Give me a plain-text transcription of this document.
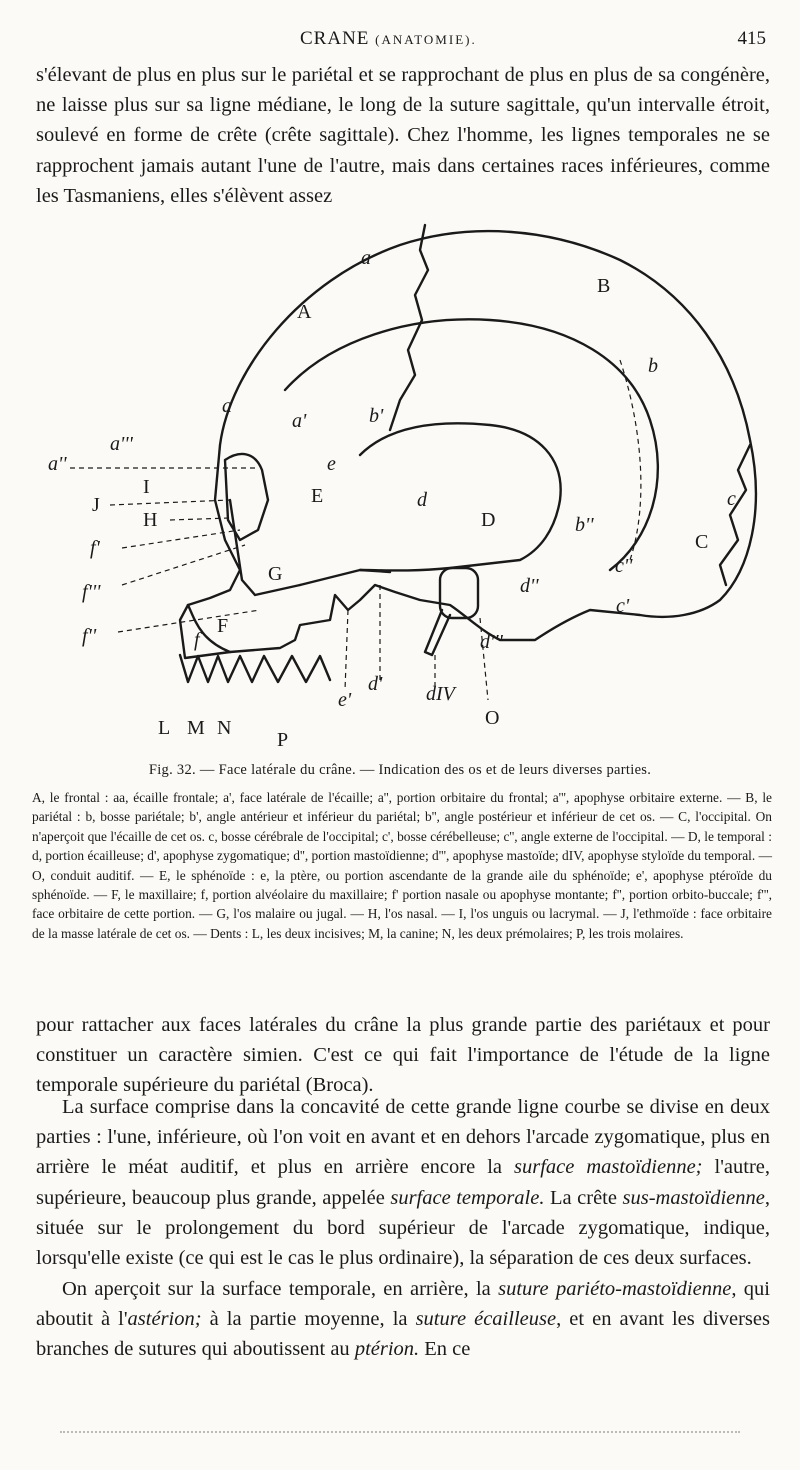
CRANE (ANATOMIE).	415

s'élevant de plus en plus sur le pariétal et se rapprochant de plus en plus de sa congénère, ne laisse plus sur sa ligne médiane, le long de la suture sagittale, qu'un intervalle étroit, soulevé en forme de crête (crête sagittale). Chez l'homme, les lignes temporales ne se rapprochent jamais autant l'une de l'autre, mais dans certaines races inférieures, comme les Tasmaniens, elles s'élèvent assez

A
B
C
D
E
F
G
J
H
I
L M N
P
O
a
a
a'
a''
a'''
b
b'
b''
c
c'
c''
d
d'
d''
d'''
dIV
e
e'
f
f'
f''
f'''
Fig. 32. — Face latérale du crâne. — Indication des os et de leurs diverses parties.

A, le frontal : aa, écaille frontale; a', face latérale de l'écaille; a'', portion orbitaire du frontal; a''', apophyse orbitaire externe. — B, le pariétal : b, bosse pariétale; b', angle antérieur et inférieur du pariétal; b'', angle postérieur et inférieur de cet os. — C, l'occipital. On n'aperçoit que l'écaille de cet os. c, bosse cérébrale de l'occipital; c', bosse cérébelleuse; c'', angle externe de l'occipital. — D, le temporal : d, portion écailleuse; d', apophyse zygomatique; d'', portion mastoïdienne; d''', apophyse mastoïde; dIV, apophyse styloïde du temporal. — O, conduit auditif. — E, le sphénoïde : e, la ptère, ou portion ascendante de la grande aile du sphénoïde; e', apophyse ptéroïde du sphénoïde. — F, le maxillaire; f, portion alvéolaire du maxillaire; f' portion nasale ou apophyse montante; f'', portion orbito-buccale; f''', face orbitaire de cette portion. — G, l'os malaire ou jugal. — H, l'os nasal. — I, l'os unguis ou lacrymal. — J, l'ethmoïde : face orbitaire de la masse latérale de cet os. — Dents : L, les deux incisives; M, la canine; N, les deux prémolaires; P, les trois molaires.

pour rattacher aux faces latérales du crâne la plus grande partie des pariétaux et pour constituer un caractère simien. C'est ce qui fait l'importance de l'étude de la ligne temporale supérieure du pariétal (Broca).

La surface comprise dans la concavité de cette grande ligne courbe se divise en deux parties : l'une, inférieure, où l'on voit en avant et en dehors l'arcade zygomatique, plus en arrière le méat auditif, et plus en arrière encore la surface mastoïdienne; l'autre, supérieure, beaucoup plus grande, appelée surface temporale. La crête sus-mastoïdienne, située sur le prolongement du bord supérieur de l'arcade zygomatique, indique, lorsqu'elle existe (ce qui est le cas le plus ordinaire), la séparation de ces deux surfaces.

On aperçoit sur la surface temporale, en arrière, la suture pariéto-mastoïdienne, qui aboutit à l'astérion; à la partie moyenne, la suture écailleuse, et en avant les diverses branches de sutures qui aboutissent au ptérion. En ce
